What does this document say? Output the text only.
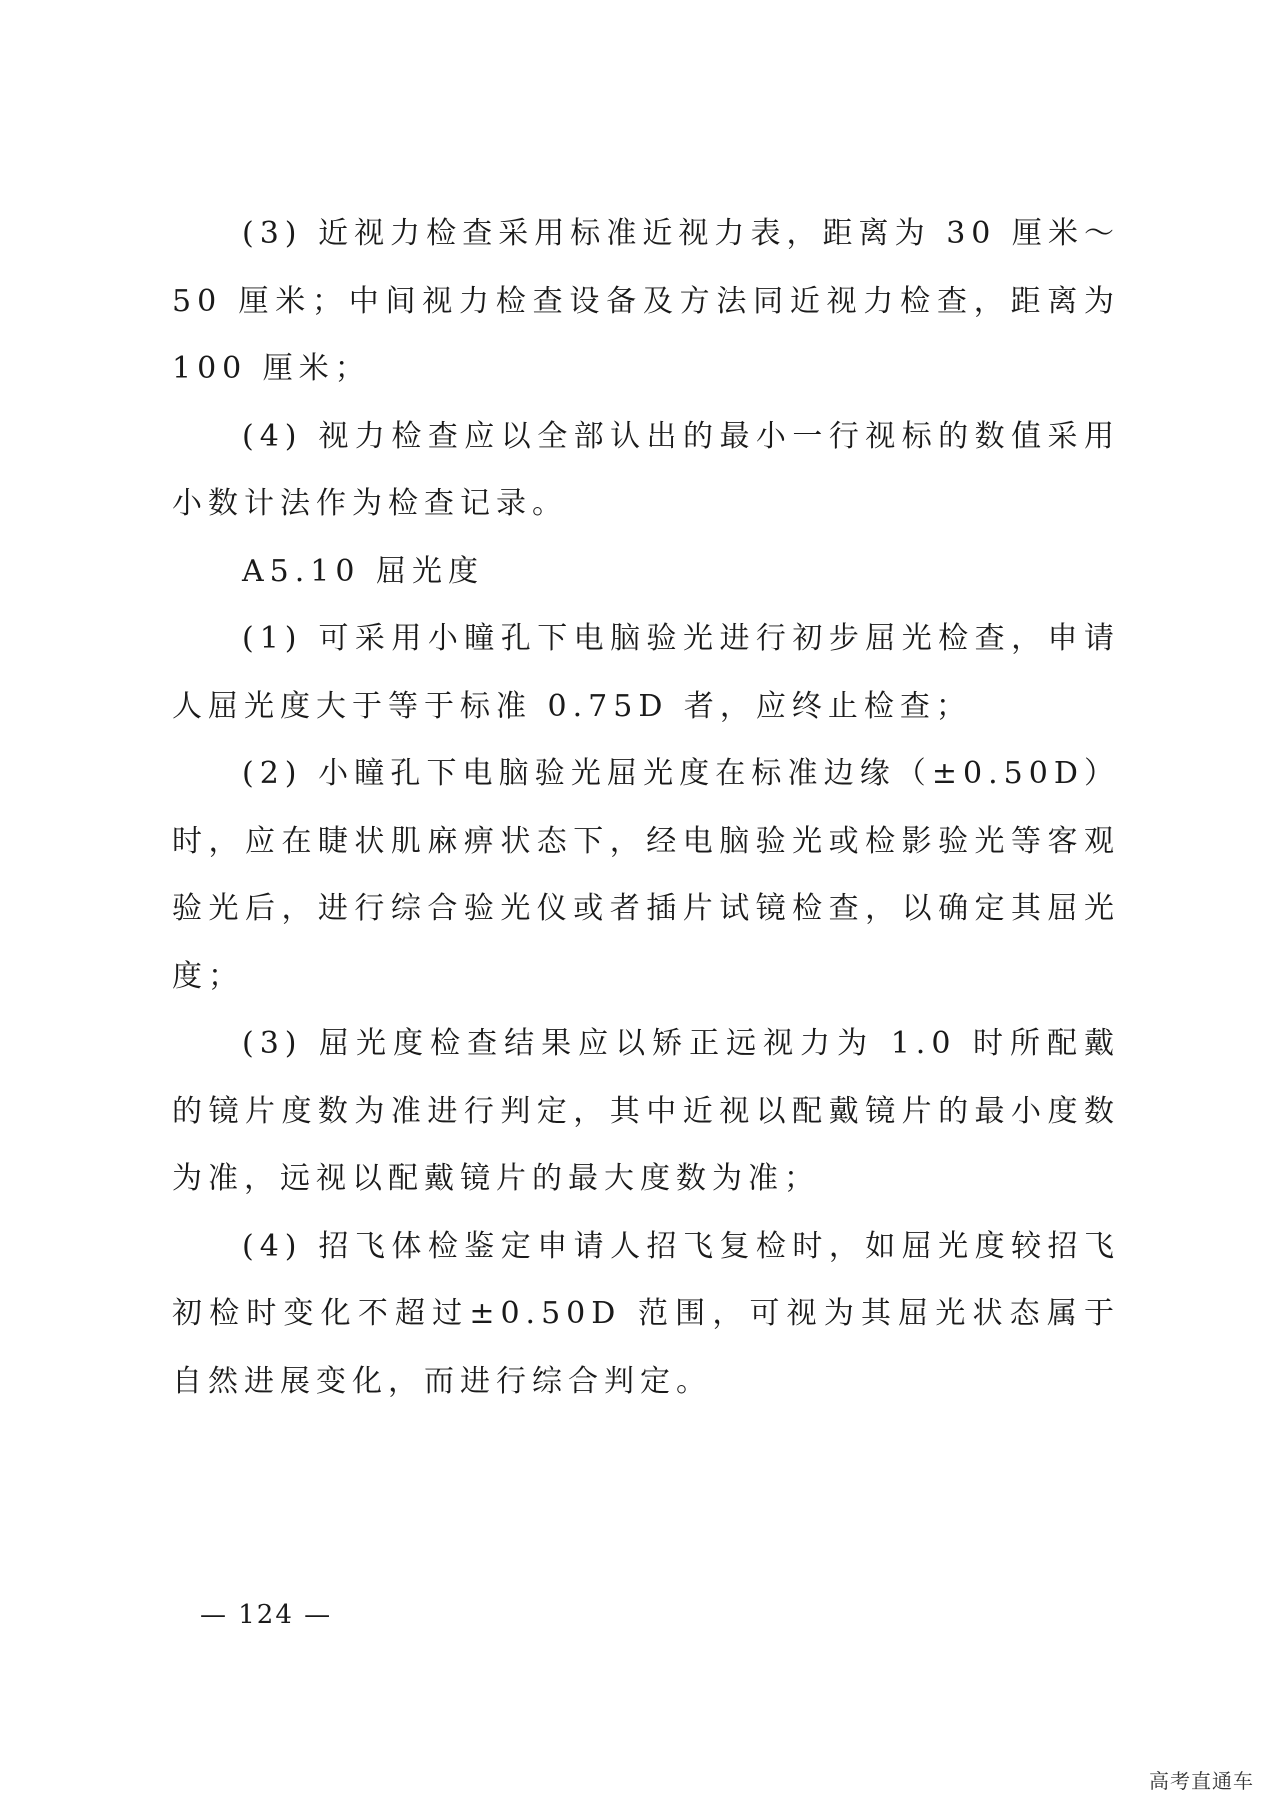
(3) 近视力检查采用标准近视力表，距离为 30 厘米～50 厘米；中间视力检查设备及方法同近视力检查，距离为 100 厘米；

(4) 视力检查应以全部认出的最小一行视标的数值采用小数计法作为检查记录。

A5.10 屈光度

(1) 可采用小瞳孔下电脑验光进行初步屈光检查，申请人屈光度大于等于标准 0.75D 者，应终止检查；

(2) 小瞳孔下电脑验光屈光度在标准边缘（±0.50D）时，应在睫状肌麻痹状态下，经电脑验光或检影验光等客观验光后，进行综合验光仪或者插片试镜检查，以确定其屈光度；

(3) 屈光度检查结果应以矫正远视力为 1.0 时所配戴的镜片度数为准进行判定，其中近视以配戴镜片的最小度数为准，远视以配戴镜片的最大度数为准；

(4) 招飞体检鉴定申请人招飞复检时，如屈光度较招飞初检时变化不超过±0.50D 范围，可视为其屈光状态属于自然进展变化，而进行综合判定。

— 124 —
高考直通车
